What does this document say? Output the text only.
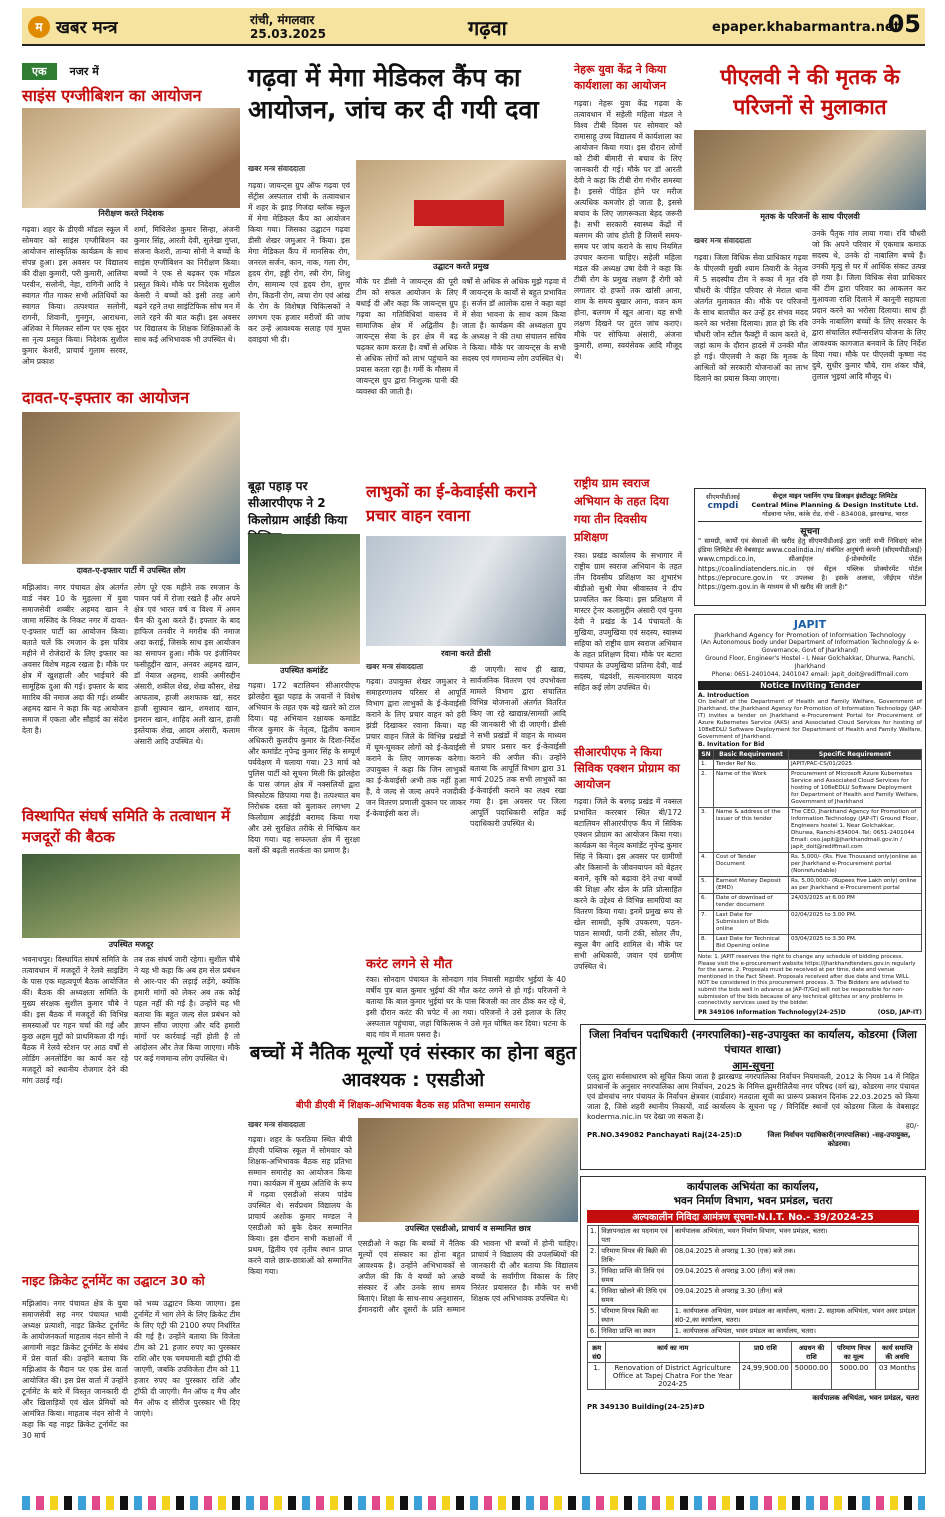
म खबर मन्त्र	रांची, मंगलवार
25.03.2025	गढ़वा	epaper.khabarmantra.net
05
एक नजर में
साइंस एग्जीबिशन का आयोजन
निरीक्षण करते निदेशक
गढ़वा। शहर के डीएवी मॉडल स्कूल में सोमवार को साइंस एग्जीबिशन का आयोजन सांस्कृतिक कार्यक्रम के साथ संपन्न हुआ। इस अवसर पर विद्यालय की दीक्षा कुमारी, परी कुमारी, आलिया परवीन, सलोनी, नेहा, रागिनी आदि ने स्वागत गीत गाकर सभी अतिथियों का स्वागत किया। तत्पश्चात सलोनी, रागनी, शिवानी, गुनगुन, आराधना, अंशिका ने मिलकर सॉन्ग पर एक सुंदर सा नृत्य प्रस्तुत किया। निदेशक सुशील कुमार केशरी, प्राचार्य गुलाम सरवर, ओम प्रकाश
शर्मा, मिथिलेश कुमार सिन्हा, अंजनी कुमार सिंह, आरती देवी, सुलेखा गुप्ता, संजना केशरी, तान्या सोनी ने बच्चों के साइंस एग्जीबिशन का निरीक्षण किया। बच्चों ने एक से बढ़कर एक मॉडल प्रस्तुत किये। मौके पर निदेशक सुशील केसरी ने बच्चों को इसी तरह आगे बढ़ने रहने तथा साइंटिफिक सोच मन में लाते रहने की बात कही। इस अवसर पर विद्यालय के शिक्षक शिक्षिकाओं के साथ कई अभिभावक भी उपस्थित थे।
दावत-ए-इफ्तार का आयोजन
दावत-ए-इफ्तार पार्टी में उपस्थित लोग
मझिआंव। नगर पंचायत क्षेत्र अंतर्गत वार्ड नंबर 10 के मुहल्ला में युवा समाजसेवी शब्बीर अहमद खान ने जामा मस्जिद के निकट नगर में दावत-ए-इफ्तार पार्टी का आयोजन किया। बताते चलें कि रमजान के इस पवित्र महीने में रोजेदारों के लिए इफ्तार का अवसर विशेष महत्व रखता है। मौके पर क्षेत्र में खुशहाली और भाईचारे की सामूहिक दुआ की गई। इफ्तार के बाद मग़रिब की नमाज अदा की गई। शब्बीर अहमद खान ने कहा कि यह आयोजन समाज में एकता और सौहार्द का संदेश देता है।
लोग पूरे एक महीने तक रमजान के पावन पर्व में रोजा रखते हैं और अपने क्षेत्र एवं भारत वर्ष व विश्व में अमन चैन की दुआ करते हैं। इफ्तार के बाद हाफिज तनवीर ने मगरीब की नमाज अदा कराई, जिसके साथ इस आयोजन का समापन हुआ। मौके पर इंजीनियर फसीहुद्दीन खान, अनवर अहमद खान, डॉ नेयाज अहमद, शाकी अमीरुद्दीन अंसारी, शकील शेख, शेख कौसर, शेख आफताब, हाजी अशफाक खां, सदर हाजी सुफ़्यान खान, शमशाद खान, इमरान खान, शाहिद अली खान, हाजी इस्तेयाक शेख, आदम अंसारी, कलाम अंसारी आदि उपस्थित थे।
विस्थापित संघर्ष समिति के तत्वाधान में मजदूरों की बैठक
उपस्थित मजदूर
भवनाथपुर। विस्थापित संघर्ष समिति के तत्वावधान में मजदूरों ने रेलवे साइडिंग के पास एक महत्वपूर्ण बैठक आयोजित की। बैठक की अध्यक्षता समिति के मुख्य संरक्षक सुशील कुमार चौबे ने की। इस बैठक में मजदूरों की विभिन्न समस्याओं पर गहन चर्चा की गई और कुछ अहम मुद्दों को प्राथमिकता दी गई। बैठक में रेलवे स्टेशन पर आठ वर्षों से लोडिंग अनलोडिंग का कार्य कर रहे मजदूरों को स्थानीय रोजगार देने की मांग उठाई गई।
तब तक संघर्ष जारी रहेगा। सुशील चौबे ने यह भी कहा कि अब हम सेल प्रबंधन से आर-पार की लड़ाई लड़ेंगे, क्योंकि हमारी मांगों को लेकर अब तक कोई पहल नहीं की गई है। उन्होंने यह भी बताया कि बहुत जल्द सेल प्रबंधन को ज्ञापन सौंपा जाएगा और यदि हमारी मांगों पर कार्रवाई नहीं होती है तो आंदोलन और तेज किया जाएगा। मौके पर कई गणमान्य लोग उपस्थित थे।
नाइट क्रिकेट टूर्नामेंट का उद्घाटन 30 को
मझिआंव। नगर पंचायत क्षेत्र के युवा समाजसेवी सह नगर पंचायत भावी अध्यक्ष प्रत्याशी, नाइट क्रिकेट टूर्नामेंट के आयोजनकर्ता माहताब नंदन सोनी ने आगामी नाइट क्रिकेट टूर्नामेंट के संबंध में प्रेस वार्ता की। उन्होंने बताया कि मझिआंव के मैदान पर एक प्रेस वार्ता आयोजित की। इस प्रेस वार्ता में उन्होंने टूर्नामेंट के बारे में विस्तृत जानकारी दी और खिलाड़ियों एवं खेल प्रेमियों को आमंत्रित किया। माहताब नंदन सोनी ने कहा कि यह नाइट क्रिकेट टूर्नामेंट का 30 मार्च
को भव्य उद्घाटन किया जाएगा। इस टूर्नामेंट में भाग लेने के लिए क्रिकेट टीम के लिए एंट्री फी 2100 रुपए निर्धारित की गई है। उन्होंने बताया कि विजेता टीम को 21 हजार रुपए का पुरस्कार राशि और एक चमचमाती बड़ी ट्रॉफी दी जाएगी, जबकि उपविजेता टीम को 11 हजार रुपए का पुरस्कार राशि और ट्रॉफी दी जाएगी। मैन ऑफ द मैच और मैन ऑफ द सीरीज पुरस्कार भी दिए जाएंगे।
गढ़वा में मेगा मेडिकल कैंप का आयोजन, जांच कर दी गयी दवा
खबर मन्त्र संवाददाता
गढ़वा। जायन्ट्स ग्रुप ऑफ गढ़वा एवं सेंट्रीस अस्पताल रांची के तत्वावधान में शहर के झाड़ गिजंदा ब्लॉक स्कूल में मेगा मेडिकल कैंप का आयोजन किया गया। जिसका उद्घाटन गढ़वा डीसी शेखर जमुआर ने किया। इस मेगा मेडिकल कैंप में मानसिक रोग, जनरल सर्जन, कान, नाक, गला रोग, हृदय रोग, हड्डी रोग, स्त्री रोग, शिशु रोग, सामान्य एवं हृदय रोग, शुगर रोग, किडनी रोग, त्वचा रोग एवं आंख के रोग के विशेषज्ञ चिकित्सकों ने लगभग एक हजार मरीजों की जांच कर उन्हें आवश्यक सलाह एवं मुफ्त दवाइयां भी दी।
उद्घाटन करते प्रमुख
मौके पर डीसी ने जायन्ट्स की पूरी टीम को सफल आयोजन के लिए बधाई दी और कहा कि जायन्ट्स ग्रुप गढ़वा का गतिविधियां वास्तव में सामाजिक क्षेत्र में अद्वितीय है। जायन्ट्स सेवा के हर क्षेत्र में बढ़ चढ़कर काम करता है। वर्षों से अधिक से अधिक लोगों को लाभ पहुंचाने का प्रयास करता रहा है। गर्मी के मौसम में जायन्ट्स ग्रुप द्वारा निःशुल्क पानी की व्यवस्था की जाती है।
वर्षों से अधिक से अधिक मुझे गढ़वा में मैं जायन्ट्स के कार्यों से बहुत प्रभावित हूं। सर्जन डॉ आलोक दास ने कहा यहां में सेवा भावना के साथ काम किया जाता है। कार्यक्रम की अध्यक्षता ग्रुप के अध्यक्ष ने की तथा संचालन सचिव ने किया। मौके पर जायन्ट्स के सभी सदस्य एवं गणमान्य लोग उपस्थित थे।
बूढ़ा पहाड़ पर सीआरपीएफ ने 2 किलोग्राम आईडी किया
उपस्थित कमांडेंट
गढ़वा। 172 बटालियन सीआरपीएफ झोलहेरा बूढ़ा पहाड़ के जवानों ने विशेष अभियान के तहत एक बड़े खतरे को टाल दिया। यह अभियान रक्षायक कमांडेंट नीरज कुमार के नेतृत्व, द्वितीय कमान अधिकारी कुलदीप कुमार के दिशा-निर्देश और कमांडेंट नृपेन्द्र कुमार सिंह के सम्पूर्ण पर्यवेक्षण में चलाया गया। 23 मार्च को पुलिस पार्टी को सूचना मिली कि झोलहेरा के पास जंगल क्षेत्र में नक्सलियों द्वारा विस्फोटक छिपाया गया है। तत्पश्चात बम निरोधक दस्ता को बुलाकर लगभग 2 किलोग्राम आईईडी बरामद किया गया और उसे सुरक्षित तरीके से निष्क्रिय कर दिया गया। यह सफलता क्षेत्र में सुरक्षा बलों की बढ़ती सतर्कता का प्रमाण है।
लाभुकों का ई-केवाईसी कराने प्रचार वाहन रवाना
रवाना करते डीसी
खबर मन्त्र संवाददाता
गढ़वा। उपायुक्त शेखर जमुआर ने समाहरणालय परिसर से आपूर्ति विभाग द्वारा लाभुकों के ई-केवाईसी कराने के लिए प्रचार वाहन को हरी झंडी दिखाकर रवाना किया। यह प्रचार वाहन जिले के विभिन्न प्रखंडों में घूम-घूमकर लोगों को ई-केवाईसी कराने के लिए जागरूक करेगा। उपायुक्त ने कहा कि जिन लाभुकों का ई-केवाईसी अभी तक नहीं हुआ है, वे जल्द से जल्द अपने नजदीकी जन वितरण प्रणाली दुकान पर जाकर ई-केवाईसी करा लें।
दी जाएगी। साथ ही खाद्य, सार्वजनिक वितरण एवं उपभोक्ता मामले विभाग द्वारा संचालित विभिन्न योजनाओं अंतर्गत वितरित किए जा रहे खाद्यान्न/सामग्री आदि की जानकारी भी दी जाएगी। डीसी ने सभी प्रखंडों में वाहन के माध्यम से प्रचार प्रसार कर ई-केवाईसी कराने की अपील की। उन्होंने बताया कि आपूर्ति विभाग द्वारा 31 मार्च 2025 तक सभी लाभुकों का ई-केवाईसी कराने का लक्ष्य रखा गया है। इस अवसर पर जिला आपूर्ति पदाधिकारी सहित कई पदाधिकारी उपस्थित थे।
करंट लगने से मौत
रंका। सोनदाग पंचायत के सोनदाग गांव निवासी महावीर भुईयां के 40 वर्षीय पुत्र बाल कुमार भुईयां की मौत करंट लगने से हो गई। परिजनों ने बताया कि बाल कुमार भुईयां घर के पास बिजली का तार ठीक कर रहे थे, इसी दौरान करंट की चपेट में आ गया। परिजनों ने उसे इलाज के लिए अस्पताल पहुंचाया, जहां चिकित्सक ने उसे मृत घोषित कर दिया। घटना के बाद गांव में मातम पसरा है।
बच्चों में नैतिक मूल्यों एवं संस्कार का होना बहुत आवश्यक : एसडीओ
बीपी डीएवी में शिक्षक-अभिभावक बैठक सह प्रतिभा सम्मान समारोह
खबर मन्त्र संवाददाता
गढ़वा। शहर के फरठिया स्थित बीपी डीएवी पब्लिक स्कूल में सोमवार को शिक्षक-अभिभावक बैठक सह प्रतिभा सम्मान समारोह का आयोजन किया गया। कार्यक्रम में मुख्य अतिथि के रूप में गढ़वा एसडीओ संजय पांडेय उपस्थित थे। सर्वप्रथम विद्यालय के प्राचार्य अशोक कुमार मण्डल ने एसडीओ को बुके देकर सम्मानित किया। इस दौरान सभी कक्षाओं में प्रथम, द्वितीय एवं तृतीय स्थान प्राप्त करने वाले छात्र-छात्राओं को सम्मानित किया गया।
उपस्थित एसडीओ, प्राचार्य व सम्मानित छात्र
एसडीओ ने कहा कि बच्चों में नैतिक मूल्यों एवं संस्कार का होना बहुत आवश्यक है। उन्होंने अभिभावकों से अपील की कि वे बच्चों को अच्छे संस्कार दें और उनके साथ समय बिताएं। शिक्षा के साथ-साथ अनुशासन, ईमानदारी और दूसरों के प्रति सम्मान की भावना भी बच्चों में होनी चाहिए। प्राचार्य ने विद्यालय की उपलब्धियों की जानकारी दी और बताया कि विद्यालय बच्चों के सर्वांगीण विकास के लिए निरंतर प्रयासरत है। मौके पर सभी शिक्षक एवं अभिभावक उपस्थित थे।
नेहरू युवा केंद्र ने किया कार्यशाला का आयोजन
गढ़वा। नेहरू युवा केंद्र गढ़वा के तत्वावधान में सहेली महिला मंडल ने विश्व टीबी दिवस पर सोमवार को रामासाहू उच्च विद्यालय में कार्यशाला का आयोजन किया गया। इस दौरान लोगों को टीबी बीमारी से बचाव के लिए जानकारी दी गई। मौके पर डॉ आरती देवी ने कहा कि टीबी रोग गंभीर समस्या है। इससे पीड़ित होने पर मरीज अत्यधिक कमजोर हो जाता है, इससे बचाव के लिए जागरूकता बेहद जरूरी है। सभी सरकारी स्वास्थ्य केंद्रों में बलगम की जांच होती है जिसमें समय-समय पर जांच कराने के साथ नियमित उपचार कराना चाहिए। सहेली महिला मंडल की अध्यक्ष उषा देवी ने कहा कि टीबी रोग के प्रमुख लक्षण हैं रोगी को लगातार दो हफ्तों तक खांसी आना, शाम के समय बुखार आना, वजन कम होना, बलगम में खून आना। यह सभी लक्षण दिखने पर तुरंत जांच कराएं। मौके पर सोफिया अंसारी, अंजना कुमारी, शम्मा, स्वयंसेवक आदि मौजूद थे।
राष्ट्रीय ग्राम स्वराज अभियान के तहत दिया गया तीन दिवसीय प्रशिक्षण
रंका। प्रखंड कार्यालय के सभागार में राष्ट्रीय ग्राम स्वराज अभियान के तहत तीन दिवसीय प्रशिक्षण का शुभारंभ बीडीओ सुश्री मेघा श्रीवास्तव ने दीप प्रज्वलित कर किया। इस प्रशिक्षण में मास्टर ट्रेनर कलामुद्दीन अंसारी एवं पुनम देवी ने प्रखंड के 14 पंचायतों के मुखिया, उपमुखिया एवं सदस्य, स्वास्थ्य सहिया को राष्ट्रीय ग्राम स्वराज अभियान के तहत प्रशिक्षण दिया। मौके पर बटारा पंचायत के उपमुखिया प्रतिमा देवी, वार्ड सदस्य, चंद्रवंशी, सत्यनारायण यादव सहित कई लोग उपस्थित थे।
सीआरपीएफ ने किया सिविक एक्शन प्रोग्राम का आयोजन
गढ़वा। जिले के बरगढ़ प्रखंड में नक्सल प्रभावित कररबार स्थित बी/172 बटालियन सीआरपीएफ कैंप में सिविक एक्शन प्रोग्राम का आयोजन किया गया। कार्यक्रम का नेतृत्व कमांडेंट नृपेन्द्र कुमार सिंह ने किया। इस अवसर पर ग्रामीणों और किसानों के जीवनयापन को बेहतर बनाने, कृषि को बढ़ावा देने तथा बच्चों की शिक्षा और खेल के प्रति प्रोत्साहित करने के उद्देश्य से विभिन्न सामग्रियां का वितरण किया गया। इनमें प्रमुख रूप से खेल सामग्री, कृषि उपकरण, पठन-पाठन सामग्री, पानी टंकी, सोलर लैंप, स्कूल बैग आदि शामिल थे। मौके पर सभी अधिकारी, जवान एवं ग्रामीण उपस्थित थे।
पीएलवी ने की मृतक के परिजनों से मुलाकात
मृतक के परिजनों के साथ पीएलवी
खबर मन्त्र संवाददाता
गढ़वा। जिला विधिक सेवा प्राधिकार गढ़वा के पीएलवी मुखी श्याम तिवारी के नेतृत्व में 5 सदस्यीय टीम ने रूका में मृत रवि चौधरी के पीड़ित परिवार से मेराल थाना अंतर्गत मुलाकात की। मौके पर परिजनों के साथ बातचीत कर उन्हें हर संभव मदद करने का भरोसा दिलाया। ज्ञात हो कि रवि चौधरी जोन स्टील फैक्ट्री में काम करते थे, जहां काम के दौरान हादसे में उनकी मौत हो गई। पीएलवी ने कहा कि मृतक के आश्रितों को सरकारी योजनाओं का लाभ दिलाने का प्रयास किया जाएगा।
उनके पैतृक गांव लाया गया। रवि चौधरी जो कि अपने परिवार में एकमात्र कमाऊ सदस्य थे, उनके दो नाबालिग बच्चे हैं। उनकी मृत्यु से घर में आर्थिक संकट उत्पन्न हो गया है। जिला विधिक सेवा प्राधिकार की टीम द्वारा परिवार का आकलन कर मुआवजा राशि दिलाने में कानूनी सहायता प्रदान करने का भरोसा दिलाया। साथ ही उनके नाबालिग बच्चों के लिए सरकार के द्वारा संचालित स्पॉन्सरशिप योजना के लिए आवश्यक कागजात बनवाने के लिए निर्देश दिया गया। मौके पर पीएलवी कृष्णा नंद दुबे, सुधीर कुमार चौबे, राम शंकर चौबे, तुलाल भुइयां आदि मौजूद थे।
सीएमपीडीआई
cmpdi
सेन्ट्रल माइन प्लानिंग एण्ड डिजाइन इंस्टीट्यूट लिमिटेड
Central Mine Planning & Design Institute Ltd.
गोंडवाना प्लेस, कांके रोड, रांची - 834008, झारखण्ड, भारत
सूचना
" सामग्री, कार्यों एवं सेवाओं की खरीद हेतु सीएमपीडीआई द्वारा जारी सभी निविदाएं कोल इंडिया लिमिटेड की वेबसाइट www.coalindia.in/ संबंधित अनुषंगी कंपनी (सीएमपीडीआई) www.cmpdi.co.in, सीआईएल ई-प्रोक्योरमेंट पोर्टल https://coalindiatenders.nic.in एवं सेंट्रल पब्लिक प्रोक्योरमेंट पोर्टल https://eprocure.gov.in पर उपलब्ध है। इसके अलावा, जीईएम पोर्टल https://gem.gov.in के माध्यम से भी खरीद की जाती है।"
JAPIT
Jharkhand Agency for Promotion of Information Technology
(An Autonomous body under Department of Information Technology & e-Governance, Govt of Jharkhand)
Ground Floor, Engineer's Hostel - I, Near Golchakkar, Dhurwa, Ranchi, Jharkhand
Phone: 0651-2401044, 2401047 email: japit_doit@rediffmail.com
Notice Inviting Tender
A. Introduction
On behalf of the Department of Health and Family Welfare, Government of Jharkhand, the Jharkhand Agency for Promotion of Information Technology (JAP-IT) invites a tender on Jharkhand e-Procurement Portal for Procurement of Azure Kubernetes Service (AKS) and Associated Cloud Services for hosting of 108eEDLU Software Deployment for Department of Health and Family Welfare, Government of Jharkhand.
B. Invitation for Bid
SN	Basic Requirement	Specific Requirement
1.	Tender Ref No.	JAPIT/PAC-CS/01/2025
2.	Name of the Work	Procurement of Microsoft Azure Kubernetes Service and Associated Cloud Services for hosting of 108eEDLU Software Deployment for Department of Health and Family Welfare, Government of Jharkhand
3.	Name & address of the issuer of this tender	The CEO, Jharkhand Agency for Promotion of Information Technology (JAP-IT) Ground Floor, Engineers hostel 1, Near Golchakkar, Dhurwa, Ranchi-834004. Tel: 0651-2401044 Email: ceo.japit@jharkhandmail.gov.in / japit_doit@rediffmail.com
4.	Cost of Tender Document	Rs. 5,000/- (Rs. Five Thousand only)online as per Jharkhand e-Procurement portal (Nonrefundable)
5.	Earnest Money Deposit (EMD)	Rs. 5,00,000/- (Rupees five Lakh only) online as per Jharkhand e-Procurement portal
6.	Date of download of tender document	24/03/2025 at 6.00 PM
7.	Last Date for Submission of Bids online	02/04/2025 to 3.00 PM.
8.	Last Date for Technical Bid Opening online	03/04/2025 to 3.30 PM.
Note: 1. JAPIT reserves the right to change any schedule of bidding process. Please visit the e-procurement website https://jharkhandtenders.gov.in regularly for the same. 2. Proposals must be received at per time, date and venue mentioned in the Fact Sheet. Proposals received after due date and time WILL NOT be considered in this procurement process. 3. The Bidders are advised to submit the bids well in advance as JAP-IT/GoJ will not be responsible for non-submission of the bids because of any technical glitches or any problems in connectivity services used by the bidder.
PR 349106 Information Technology(24-25)D	(OSD, JAP-IT)
जिला निर्वाचन पदाधिकारी (नगरपालिका)-सह-उपायुक्त का कार्यालय, कोडरमा (जिला पंचायत शाखा)
आम-सूचना
एतद् द्वारा सर्वसाधारण को सूचित किया जाता है झारखण्ड नगरपालिका निर्वाचन नियमावली, 2012 के नियम 14 में निहित प्रावधानों के अनुसार नगरपालिका आम निर्वाचन, 2025 के निमित्त झुमरीतिलैया नगर परिषद (वर्ग ख), कोडरमा नगर पंचायत एवं डोमचांच नगर पंचायत के निर्वाचन क्षेत्रवार (वार्डवार) मतदाता सूची का प्रारूप प्रकाशन दिनांक 22.03.2025 को किया जाता है, जिसे शहरी स्थानीय निकायों, वार्ड कार्यालय के सूचना पट्ट / विनिर्दिष्ट स्थानों एवं कोडरमा जिला के वेबसाइट koderma.nic.in पर देखा जा सकता है।
ह0/-
PR.NO.349082 Panchayati Raj(24-25):D	जिला निर्वाचन पदाधिकारी(नगरपालिका) -सह-उपायुक्त, कोडरमा।
कार्यपालक अभियंता का कार्यालय,
भवन निर्माण विभाग, भवन प्रमंडल, चतरा
अल्पकालीन निविदा आमंत्रण सूचना-N.I.T. No.- 39/2024-25
1.	विज्ञापनदाता का पदनाम एवं पता	कार्यपालक अभियंता, भवन निर्माण विभाग, भवन प्रमंडल, चतरा।
2.	परिमाण विपत्र की बिक्री की तिथि-	08.04.2025 से अपराह्न 1.30 (एक) बजे तक।
3.	निविदा प्राप्ति की तिथि एवं समय	09.04.2025 से अपराह्न 3.00 (तीन) बजे तक।
4.	निविदा खोलने की तिथि एवं समय	09.04.2025 से अपराह्न 3.30 (तीन) बजे
5.	परिमाण विपत्र बिक्री का स्थान	1. कार्यपालक अभियंता, भवन प्रमंडल का कार्यालय, चतरा। 2. सहायक अभियंता, भवन अवर प्रमंडल सं0-2,का कार्यालय, चतरा।
6.	निविदा प्राप्ति का स्थान	1. कार्यपालक अभियंता, भवन प्रमंडल का कार्यालय, चतरा।
क्रम सं0	कार्य का नाम	प्रा0 राशि	अग्रधन की राशि	परिमाण विपत्र का मूल्य	कार्य समाप्ति की अवधि
1.	Renovation of District Agriculture Office at Tapej Chatra For the Year 2024-25	24,99,900.00	50000.00	5000.00	03 Months
कार्यपालक अभियंता, भवन प्रमंडल, चतरा
PR 349130 Building(24-25)#D
